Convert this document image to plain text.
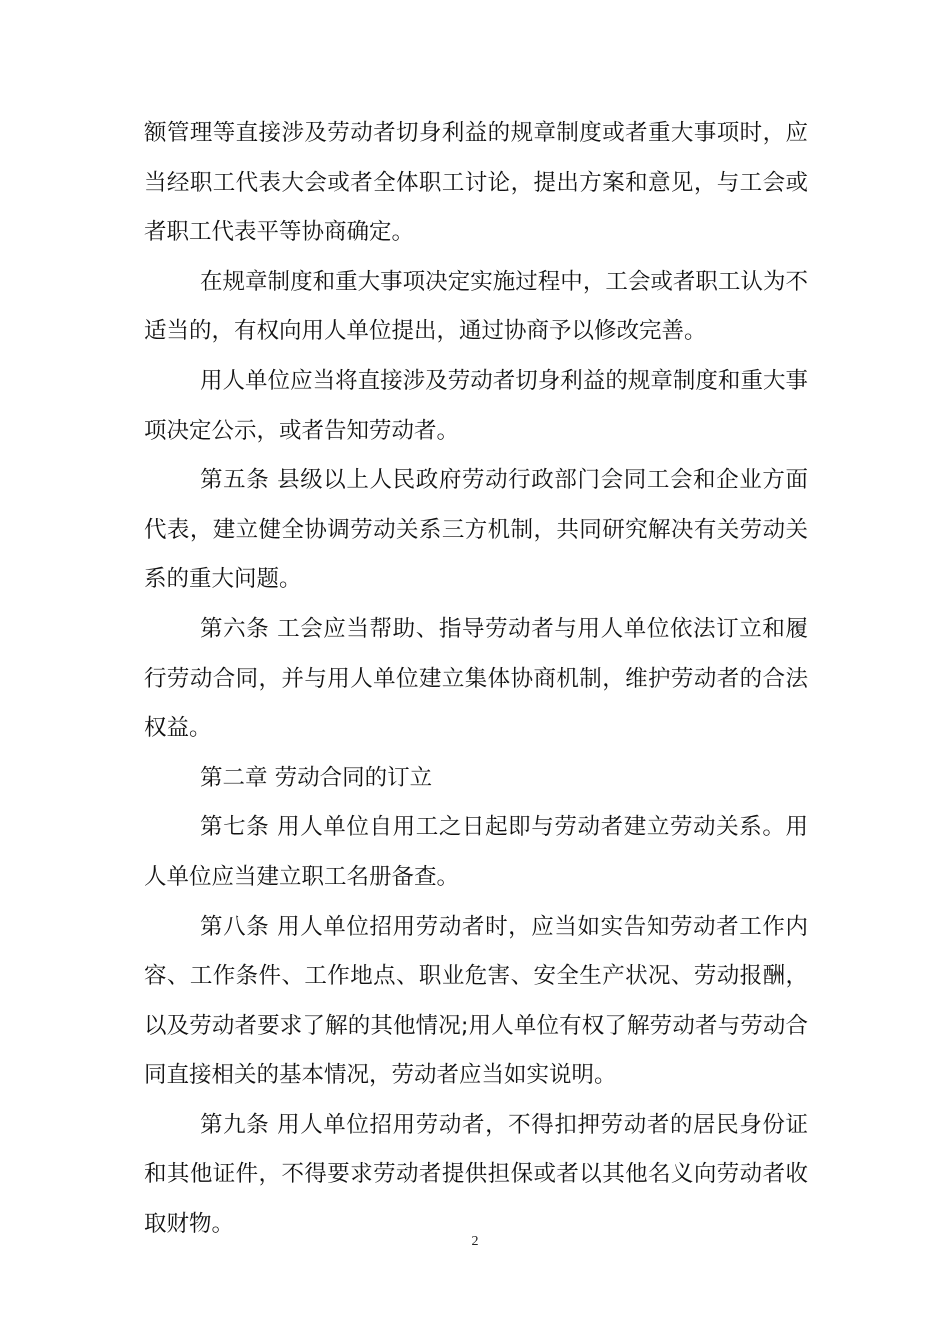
额管理等直接涉及劳动者切身利益的规章制度或者重大事项时，应当经职工代表大会或者全体职工讨论，提出方案和意见，与工会或者职工代表平等协商确定。

在规章制度和重大事项决定实施过程中，工会或者职工认为不适当的，有权向用人单位提出，通过协商予以修改完善。

用人单位应当将直接涉及劳动者切身利益的规章制度和重大事项决定公示，或者告知劳动者。

第五条 县级以上人民政府劳动行政部门会同工会和企业方面代表，建立健全协调劳动关系三方机制，共同研究解决有关劳动关系的重大问题。

第六条 工会应当帮助、指导劳动者与用人单位依法订立和履行劳动合同，并与用人单位建立集体协商机制，维护劳动者的合法权益。

第二章 劳动合同的订立

第七条 用人单位自用工之日起即与劳动者建立劳动关系。用人单位应当建立职工名册备查。

第八条 用人单位招用劳动者时，应当如实告知劳动者工作内容、工作条件、工作地点、职业危害、安全生产状况、劳动报酬，以及劳动者要求了解的其他情况;用人单位有权了解劳动者与劳动合同直接相关的基本情况，劳动者应当如实说明。

第九条 用人单位招用劳动者，不得扣押劳动者的居民身份证和其他证件，不得要求劳动者提供担保或者以其他名义向劳动者收取财物。

2
